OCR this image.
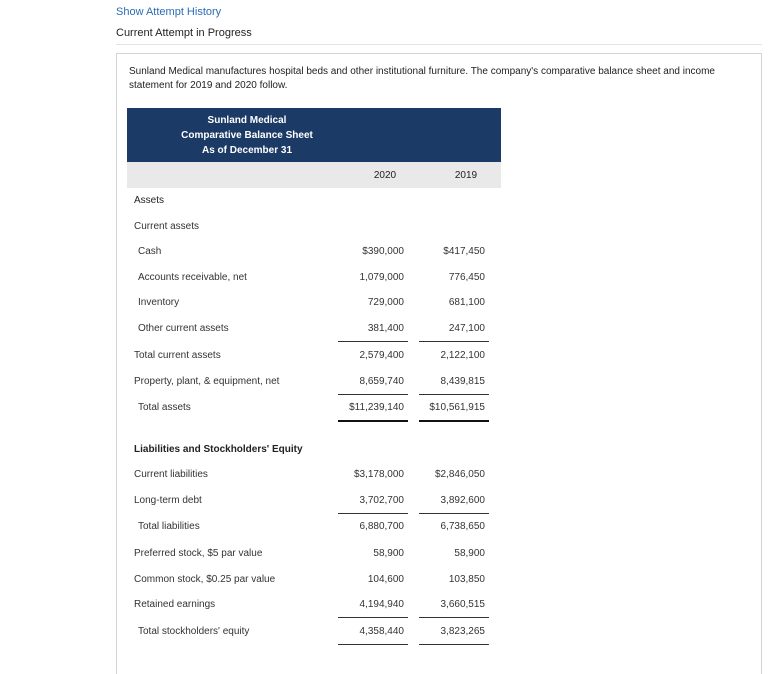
Show Attempt History
Current Attempt in Progress
Sunland Medical manufactures hospital beds and other institutional furniture. The company's comparative balance sheet and income statement for 2019 and 2020 follow.
Sunland Medical
Comparative Balance Sheet
As of December 31
2020	2019
Assets
Current assets
Cash	$390,000	$417,450
Accounts receivable, net	1,079,000	776,450
Inventory	729,000	681,100
Other current assets	381,400	247,100
Total current assets	2,579,400	2,122,100
Property, plant, & equipment, net	8,659,740	8,439,815
Total assets	$11,239,140	$10,561,915
Liabilities and Stockholders' Equity
Current liabilities	$3,178,000	$2,846,050
Long-term debt	3,702,700	3,892,600
Total liabilities	6,880,700	6,738,650
Preferred stock, $5 par value	58,900	58,900
Common stock, $0.25 par value	104,600	103,850
Retained earnings	4,194,940	3,660,515
Total stockholders' equity	4,358,440	3,823,265
